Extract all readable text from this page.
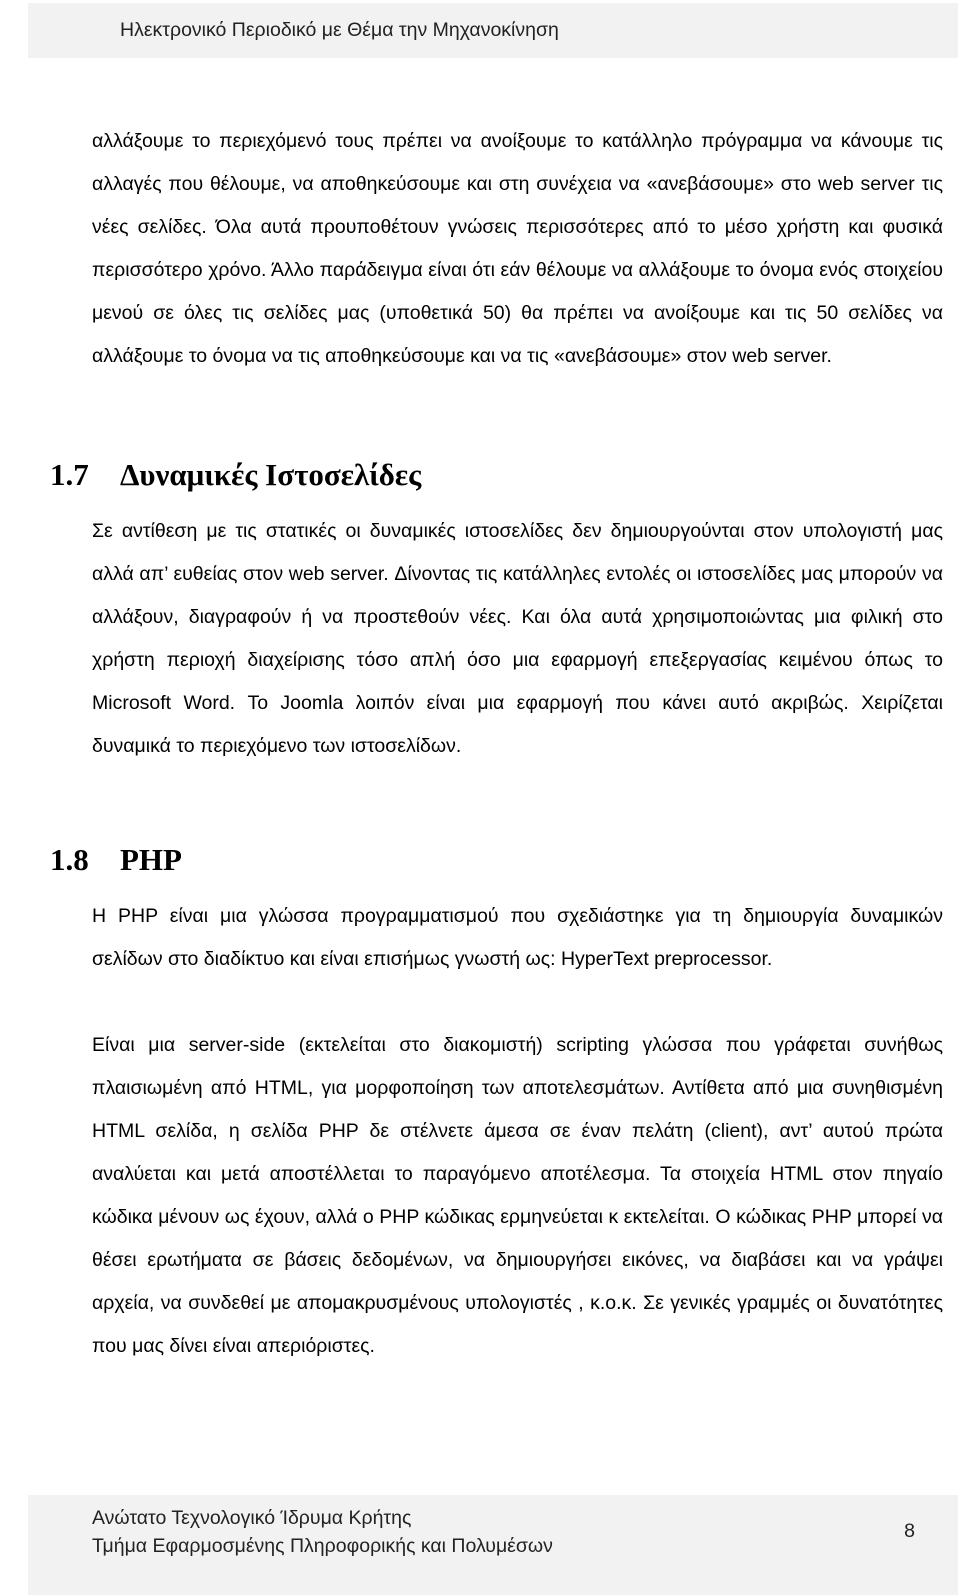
Ηλεκτρονικό Περιοδικό με Θέμα την Μηχανοκίνηση

αλλάξουμε το περιεχόμενό τους πρέπει να ανοίξουμε το κατάλληλο πρόγραμμα να κάνουμε τις αλλαγές που θέλουμε, να αποθηκεύσουμε και στη συνέχεια να «ανεβάσουμε» στο web server τις νέες σελίδες. Όλα αυτά προυποθέτουν γνώσεις περισσότερες από το μέσο χρήστη και φυσικά περισσότερο χρόνο. Άλλο παράδειγμα είναι ότι εάν θέλουμε να αλλάξουμε το όνομα ενός στοιχείου μενού σε όλες τις σελίδες μας (υποθετικά 50) θα πρέπει να ανοίξουμε και τις 50 σελίδες να αλλάξουμε το όνομα να τις αποθηκεύσουμε και να τις «ανεβάσουμε» στον web server.

1.7 Δυναμικές Ιστοσελίδες

Σε αντίθεση με τις στατικές οι δυναμικές ιστοσελίδες δεν δημιουργούνται στον υπολογιστή μας αλλά απ’ ευθείας στον web server. Δίνοντας τις κατάλληλες εντολές οι ιστοσελίδες μας μπορούν να αλλάξουν, διαγραφούν ή να προστεθούν νέες. Και όλα αυτά χρησιμοποιώντας μια φιλική στο χρήστη περιοχή διαχείρισης τόσο απλή όσο μια εφαρμογή επεξεργασίας κειμένου όπως το Microsoft Word. Το Joomla λοιπόν είναι μια εφαρμογή που κάνει αυτό ακριβώς. Χειρίζεται δυναμικά το περιεχόμενο των ιστοσελίδων.

1.8 PHP

Η PHP είναι μια γλώσσα προγραμματισμού που σχεδιάστηκε για τη δημιουργία δυναμικών σελίδων στο διαδίκτυο και είναι επισήμως γνωστή ως: HyperText preprocessor.

Είναι μια server-side (εκτελείται στο διακομιστή) scripting γλώσσα που γράφεται συνήθως πλαισιωμένη από HTML, για μορφοποίηση των αποτελεσμάτων. Αντίθετα από μια συνηθισμένη HTML σελίδα, η σελίδα PHP δε στέλνετε άμεσα σε έναν πελάτη (client), αντ’ αυτού πρώτα αναλύεται και μετά αποστέλλεται το παραγόμενο αποτέλεσμα. Τα στοιχεία HTML στον πηγαίο κώδικα μένουν ως έχουν, αλλά ο PHP κώδικας ερμηνεύεται κ εκτελείται. Ο κώδικας PHP μπορεί να θέσει ερωτήματα σε βάσεις δεδομένων, να δημιουργήσει εικόνες, να διαβάσει και να γράψει αρχεία, να συνδεθεί με απομακρυσμένους υπολογιστές , κ.ο.κ. Σε γενικές γραμμές οι δυνατότητες που μας δίνει είναι απεριόριστες.

Ανώτατο Τεχνολογικό Ίδρυμα Κρήτης
Τμήμα Εφαρμοσμένης Πληροφορικής και Πολυμέσων
8
